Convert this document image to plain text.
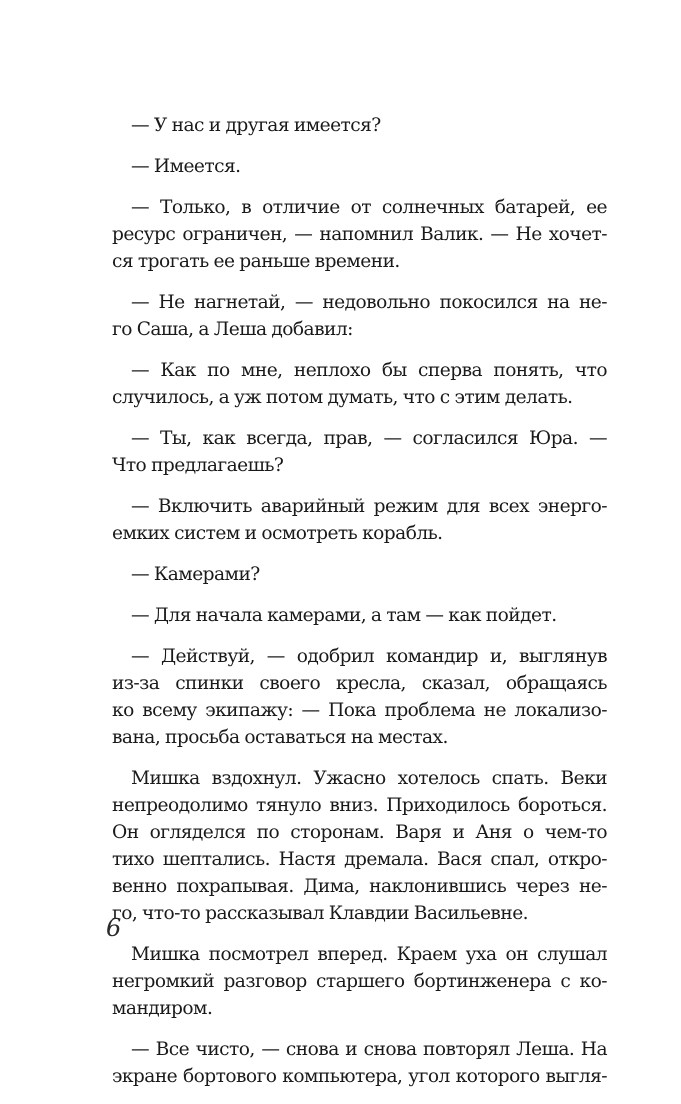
— У нас и другая имеется?
— Имеется.
— Только, в отличие от солнечных батарей, ее
ресурс ограничен, — напомнил Валик. — Не хочет-
ся трогать ее раньше времени.
— Не нагнетай, — недовольно покосился на не-
го Саша, а Леша добавил:
— Как по мне, неплохо бы сперва понять, что
случилось, а уж потом думать, что с этим делать.
— Ты, как всегда, прав, — согласился Юра. —
Что предлагаешь?
— Включить аварийный режим для всех энерго-
емких систем и осмотреть корабль.
— Камерами?
— Для начала камерами, а там — как пойдет.
— Действуй, — одобрил командир и, выглянув
из-за спинки своего кресла, сказал, обращаясь
ко всему экипажу: — Пока проблема не локализо-
вана, просьба оставаться на местах.
Мишка вздохнул. Ужасно хотелось спать. Веки
непреодолимо тянуло вниз. Приходилось бороться.
Он огляделся по сторонам. Варя и Аня о чем-то
тихо шептались. Настя дремала. Вася спал, откро-
венно похрапывая. Дима, наклонившись через не-
го, что-то рассказывал Клавдии Васильевне.
Мишка посмотрел вперед. Краем уха он слушал
негромкий разговор старшего бортинженера с ко-
мандиром.
— Все чисто, — снова и снова повторял Леша. На
экране бортового компьютера, угол которого выгля-
6
